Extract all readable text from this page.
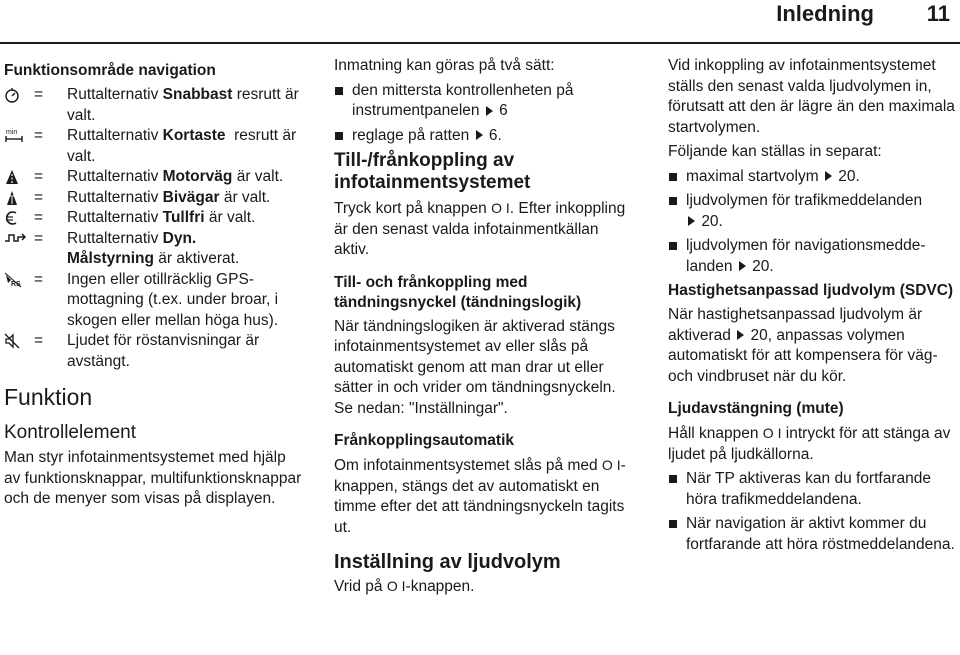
Inledning 11
Funktionsområde navigation
=	Ruttalternativ Snabbast resrutt är valt.
min =	Ruttalternativ Kortaste  resrutt är valt.
=	Ruttalternativ Motorväg är valt.
=	Ruttalternativ Bivägar är valt.
=	Ruttalternativ Tullfri är valt.
=	Ruttalternativ Dyn.
Målstyrning är aktiverat.
RS =	Ingen eller otillräcklig GPS-mottagning (t.ex. under broar, i skogen eller mellan höga hus).
=	Ljudet för röstanvisningar är avstängt.
Funktion
Kontrollelement

Man styr infotainmentsystemet med hjälp av funktionsknappar, multifunktionsknappar och de menyer som visas på displayen.

Inmatning kan göras på två sätt:

den mittersta kontrollenheten på instrumentpanelen 6
reglage på ratten 6.
Till-/frånkoppling av infotainmentsystemet

Tryck kort på knappen O I. Efter inkoppling är den senast valda infotainmentkällan aktiv.

Till- och frånkoppling med tändningsnyckel (tändningslogik)

När tändningslogiken är aktiverad stängs infotainmentsystemet av eller slås på automatiskt genom att man drar ut eller sätter in och vrider om tändningsnyckeln. Se nedan: "Inställningar".

Frånkopplingsautomatik

Om infotainmentsystemet slås på med O I-knappen, stängs det av automatiskt en timme efter det att tändningsnyckeln tagits ut.

Inställning av ljudvolym

Vrid på O I-knappen.

Vid inkoppling av infotainmentsystemet ställs den senast valda ljudvolymen in, förutsatt att den är lägre än den maximala startvolymen.

Följande kan ställas in separat:

maximal startvolym 20.
ljudvolymen för trafikmeddelanden
20.
ljudvolymen för navigationsmeddelanden 20.
Hastighetsanpassad ljudvolym (SDVC)

När hastighetsanpassad ljudvolym är aktiverad 20, anpassas volymen automatiskt för att kompensera för väg- och vindbruset när du kör.

Ljudavstängning (mute)

Håll knappen O I intryckt för att stänga av ljudet på ljudkällorna.

När TP aktiveras kan du fortfarande höra trafikmeddelandena.
När navigation är aktivt kommer du fortfarande att höra röstmeddelandena.
